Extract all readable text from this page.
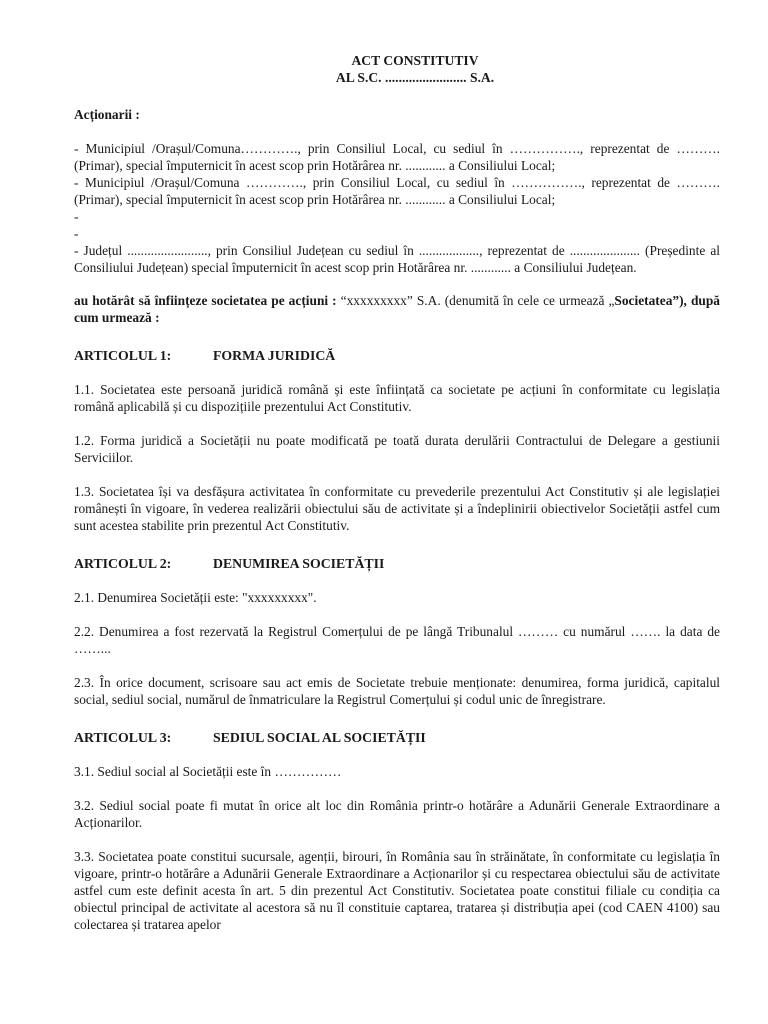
ACT CONSTITUTIV
AL S.C. ........................ S.A.
Acționarii :

- Municipiul /Orașul/Comuna…………., prin Consiliul Local, cu sediul în ……………., reprezentat de ……….(Primar), special împuternicit în acest scop prin Hotărârea nr. ............ a Consiliului Local;

- Municipiul /Orașul/Comuna …………., prin Consiliul Local, cu sediul în ……………., reprezentat de ……….(Primar), special împuternicit în acest scop prin Hotărârea nr. ............ a Consiliului Local;

-

-

- Județul ........................, prin Consiliul Județean cu sediul în .................., reprezentat de ..................... (Președinte al Consiliului Județean) special împuternicit în acest scop prin Hotărârea nr. ............ a Consiliului Județean.

au hotărât să înființeze societatea pe acțiuni : “xxxxxxxxx” S.A. (denumită în cele ce urmează „Societatea”), după cum urmează :

ARTICOLUL 1:	FORMA JURIDICĂ

1.1. Societatea este persoană juridică română și este înființată ca societate pe acțiuni în conformitate cu legislația română aplicabilă și cu dispozițiile prezentului Act Constitutiv.

1.2. Forma juridică a Societății nu poate modificată pe toată durata derulării Contractului de Delegare a gestiunii Serviciilor.

1.3. Societatea își va desfășura activitatea în conformitate cu prevederile prezentului Act Constitutiv și ale legislației românești în vigoare, în vederea realizării obiectului său de activitate și a îndeplinirii obiectivelor Societății astfel cum sunt acestea stabilite prin prezentul Act Constitutiv.

ARTICOLUL 2:	DENUMIREA SOCIETĂȚII

2.1. Denumirea Societății este: "xxxxxxxxx".

2.2. Denumirea a fost rezervată la Registrul Comerțului de pe lângă Tribunalul ……… cu numărul ……. la data de ……...

2.3. În orice document, scrisoare sau act emis de Societate trebuie menționate: denumirea, forma juridică, capitalul social, sediul social, numărul de înmatriculare la Registrul Comerțului și codul unic de înregistrare.

ARTICOLUL 3:	SEDIUL SOCIAL AL SOCIETĂȚII

3.1. Sediul social al Societății este în ……………

3.2. Sediul social poate fi mutat în orice alt loc din România printr-o hotărâre a Adunării Generale Extraordinare a Acționarilor.

3.3. Societatea poate constitui sucursale, agenții, birouri, în România sau în străinătate, în conformitate cu legislația în vigoare, printr-o hotărâre a Adunării Generale Extraordinare a Acționarilor și cu respectarea obiectului său de activitate astfel cum este definit acesta în art. 5 din prezentul Act Constitutiv. Societatea poate constitui filiale cu condiția ca obiectul principal de activitate al acestora să nu îl constituie captarea, tratarea și distribuția apei (cod CAEN 4100) sau colectarea și tratarea apelor
